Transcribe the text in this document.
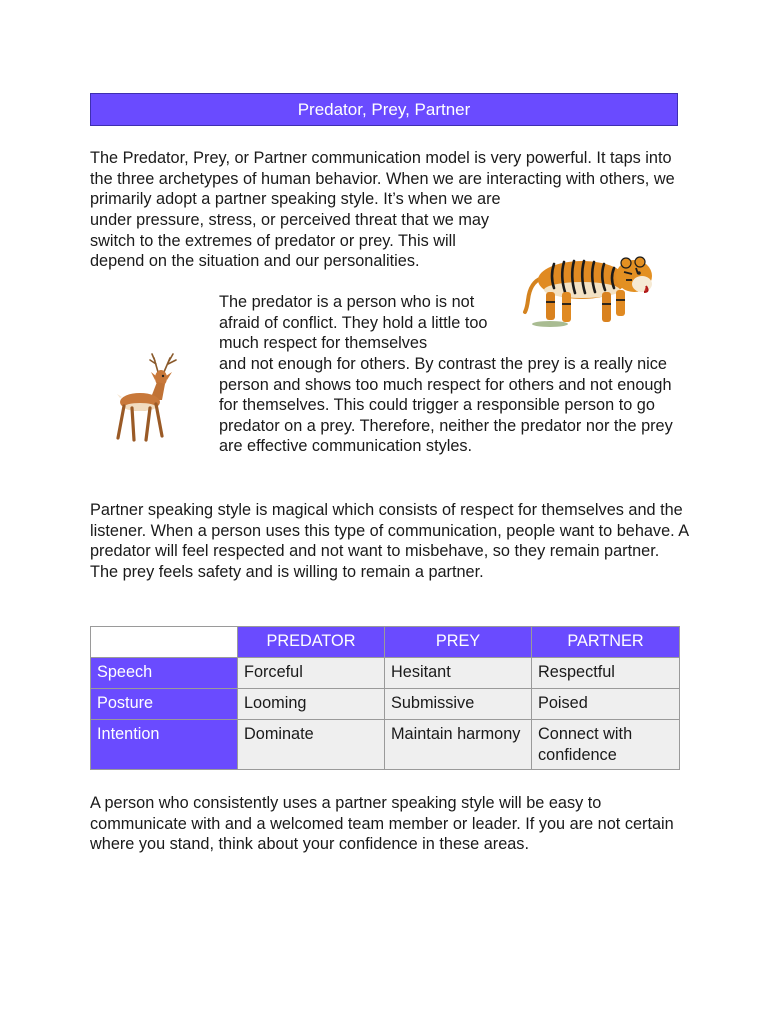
Predator, Prey, Partner

The Predator, Prey, or Partner communication model is very powerful. It taps into the three archetypes of human behavior. When we are interacting with others, we primarily adopt a partner speaking style. It’s when we are

under pressure, stress, or perceived threat that we may switch to the extremes of predator or prey. This will depend on the situation and our personalities.

The predator is a person who is not afraid of conflict. They hold a little too much respect for themselves

and not enough for others. By contrast the prey is a really nice person and shows too much respect for others and not enough for themselves. This could trigger a responsible person to go predator on a prey. Therefore, neither the predator nor the prey are effective communication styles.

Partner speaking style is magical which consists of respect for themselves and the listener. When a person uses this type of communication, people want to behave. A predator will feel respected and not want to misbehave, so they remain partner. The prey feels safety and is willing to remain a partner.

	PREDATOR	PREY	PARTNER
Speech	Forceful	Hesitant	Respectful
Posture	Looming	Submissive	Poised
Intention	Dominate	Maintain harmony	Connect with confidence

A person who consistently uses a partner speaking style will be easy to communicate with and a welcomed team member or leader. If you are not certain where you stand, think about your confidence in these areas.
